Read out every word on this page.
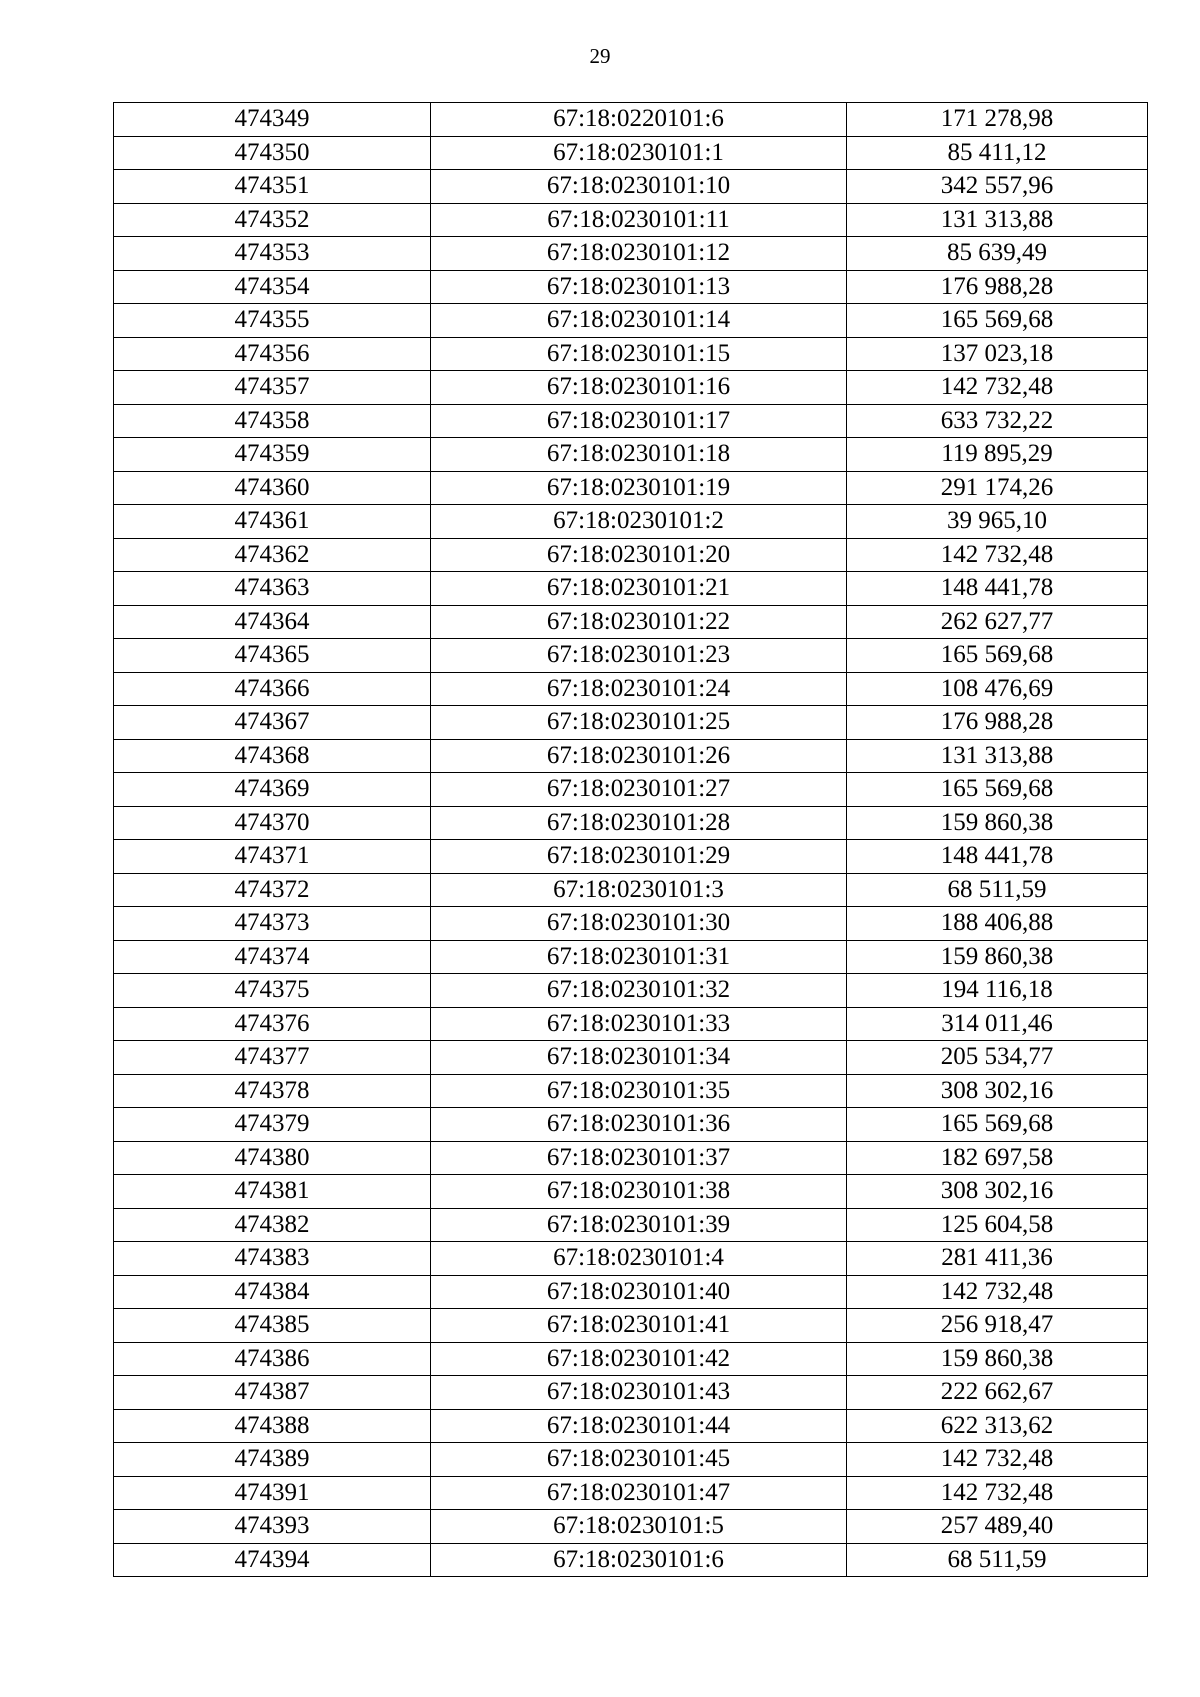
29
474349	67:18:0220101:6	171 278,98
474350	67:18:0230101:1	85 411,12
474351	67:18:0230101:10	342 557,96
474352	67:18:0230101:11	131 313,88
474353	67:18:0230101:12	85 639,49
474354	67:18:0230101:13	176 988,28
474355	67:18:0230101:14	165 569,68
474356	67:18:0230101:15	137 023,18
474357	67:18:0230101:16	142 732,48
474358	67:18:0230101:17	633 732,22
474359	67:18:0230101:18	119 895,29
474360	67:18:0230101:19	291 174,26
474361	67:18:0230101:2	39 965,10
474362	67:18:0230101:20	142 732,48
474363	67:18:0230101:21	148 441,78
474364	67:18:0230101:22	262 627,77
474365	67:18:0230101:23	165 569,68
474366	67:18:0230101:24	108 476,69
474367	67:18:0230101:25	176 988,28
474368	67:18:0230101:26	131 313,88
474369	67:18:0230101:27	165 569,68
474370	67:18:0230101:28	159 860,38
474371	67:18:0230101:29	148 441,78
474372	67:18:0230101:3	68 511,59
474373	67:18:0230101:30	188 406,88
474374	67:18:0230101:31	159 860,38
474375	67:18:0230101:32	194 116,18
474376	67:18:0230101:33	314 011,46
474377	67:18:0230101:34	205 534,77
474378	67:18:0230101:35	308 302,16
474379	67:18:0230101:36	165 569,68
474380	67:18:0230101:37	182 697,58
474381	67:18:0230101:38	308 302,16
474382	67:18:0230101:39	125 604,58
474383	67:18:0230101:4	281 411,36
474384	67:18:0230101:40	142 732,48
474385	67:18:0230101:41	256 918,47
474386	67:18:0230101:42	159 860,38
474387	67:18:0230101:43	222 662,67
474388	67:18:0230101:44	622 313,62
474389	67:18:0230101:45	142 732,48
474391	67:18:0230101:47	142 732,48
474393	67:18:0230101:5	257 489,40
474394	67:18:0230101:6	68 511,59
